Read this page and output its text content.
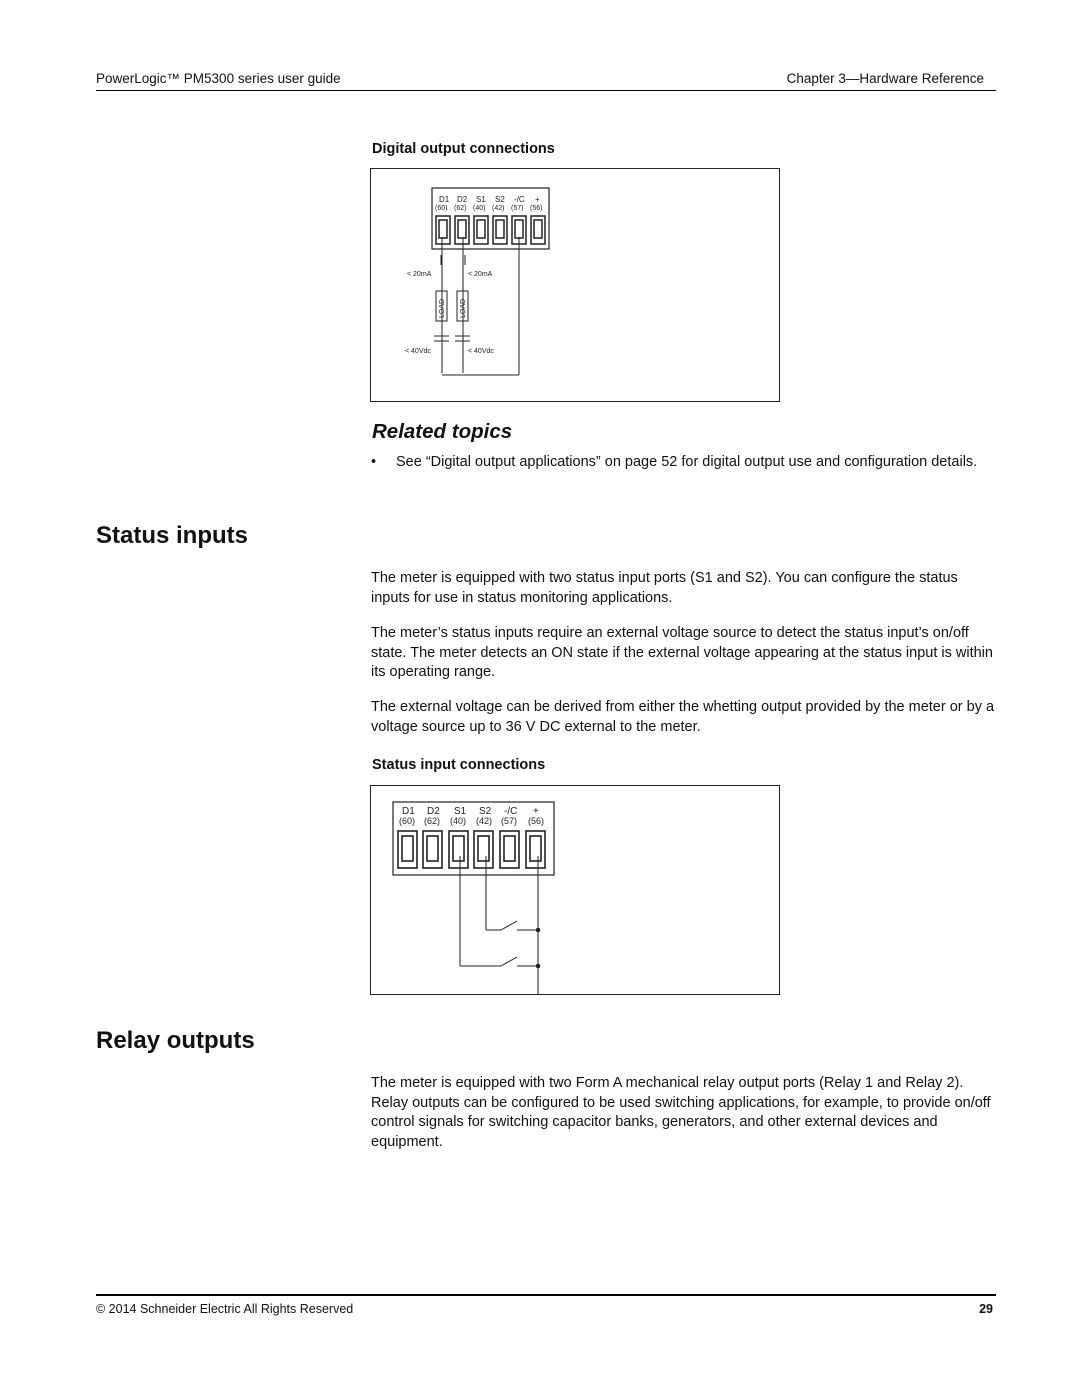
PowerLogic™ PM5300 series user guide	Chapter 3—Hardware Reference
Digital output connections
D1 D2 S1 S2 -/C +
(60) (62) (40) (42) (57) (56)
< 20mA	< 20mA
LOAD LOAD
< 40Vdc	< 40Vdc
Related topics
• See “Digital output applications” on page 52 for digital output use and configuration details.
Status inputs

The meter is equipped with two status input ports (S1 and S2). You can configure the status inputs for use in status monitoring applications.

The meter’s status inputs require an external voltage source to detect the status input’s on/off state. The meter detects an ON state if the external voltage appearing at the status input is within its operating range.

The external voltage can be derived from either the whetting output provided by the meter or by a voltage source up to 36 V DC external to the meter.

Status input connections
D1 D2 S1 S2 -/C +
(60) (62) (40) (42) (57) (56)
Relay outputs

The meter is equipped with two Form A mechanical relay output ports (Relay 1 and Relay 2). Relay outputs can be configured to be used switching applications, for example, to provide on/off control signals for switching capacitor banks, generators, and other external devices and equipment.

© 2014 Schneider Electric All Rights Reserved	29
